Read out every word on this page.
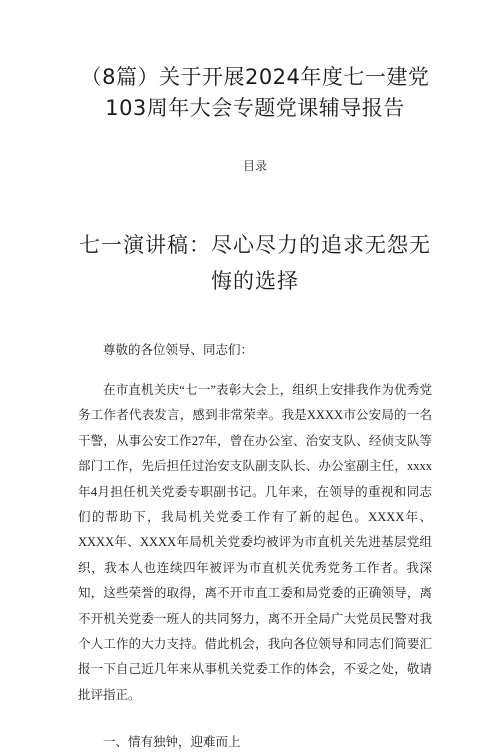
（8篇）关于开展2024年度七一建党103周年大会专题党课辅导报告
目录
七一演讲稿：尽心尽力的追求无怨无悔的选择

尊敬的各位领导、同志们：

在市直机关庆“七一”表彰大会上，组织上安排我作为优秀党务工作者代表发言，感到非常荣幸。我是XXXX市公安局的一名干警，从事公安工作27年，曾在办公室、治安支队、经侦支队等部门工作，先后担任过治安支队副支队长、办公室副主任，xxxx年4月担任机关党委专职副书记。几年来，在领导的重视和同志们的帮助下，我局机关党委工作有了新的起色。XXXX年、XXXX年、XXXX年局机关党委均被评为市直机关先进基层党组织，我本人也连续四年被评为市直机关优秀党务工作者。我深知，这些荣誉的取得，离不开市直工委和局党委的正确领导，离不开机关党委一班人的共同努力，离不开全局广大党员民警对我个人工作的大力支持。借此机会，我向各位领导和同志们简要汇报一下自己近几年来从事机关党委工作的体会，不妥之处，敬请批评指正。

一、情有独钟，迎难而上
